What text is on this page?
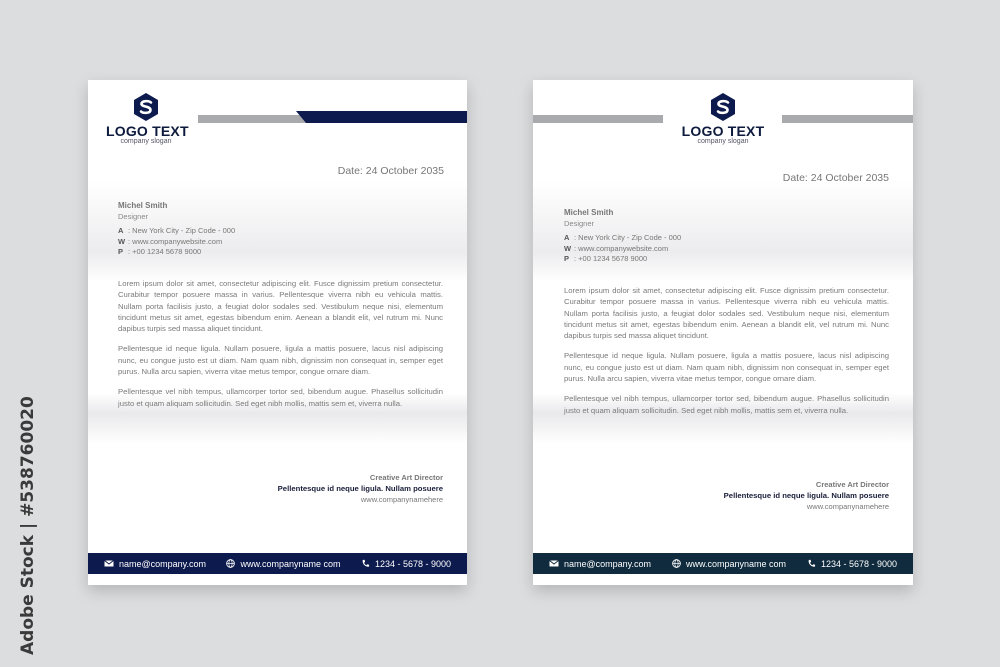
Adobe Stock | #538760020
LOGO TEXT
company slogan
Date: 24 October 2035
Michel Smith
Designer
A : New York City - Zip Code - 000
W : www.companywebsite.com
P : +00 1234 5678 9000

Lorem ipsum dolor sit amet, consectetur adipiscing elit. Fusce dignissim pretium consectetur. Curabitur tempor posuere massa in varius. Pellentesque viverra nibh eu vehicula mattis. Nullam porta facilisis justo, a feugiat dolor sodales sed. Vestibulum neque nisi, elementum tincidunt metus sit amet, egestas bibendum enim. Aenean a blandit elit, vel rutrum mi. Nunc dapibus turpis sed massa aliquet tincidunt.

Pellentesque id neque ligula. Nullam posuere, ligula a mattis posuere, lacus nisl adipiscing nunc, eu congue justo est ut diam. Nam quam nibh, dignissim non consequat in, semper eget purus. Nulla arcu sapien, viverra vitae metus tempor, congue ornare diam.

Pellentesque vel nibh tempus, ullamcorper tortor sed, bibendum augue. Phasellus sollicitudin justo et quam aliquam sollicitudin. Sed eget nibh mollis, mattis sem et, viverra nulla.

Creative Art Director
Pellentesque id neque ligula. Nullam posuere
www.companynamehere
name@company.com	www.companyname com	1234 - 5678 - 9000
LOGO TEXT
company slogan
Date: 24 October 2035
Michel Smith
Designer
A : New York City - Zip Code - 000
W : www.companywebsite.com
P : +00 1234 5678 9000

Lorem ipsum dolor sit amet, consectetur adipiscing elit. Fusce dignissim pretium consectetur. Curabitur tempor posuere massa in varius. Pellentesque viverra nibh eu vehicula mattis. Nullam porta facilisis justo, a feugiat dolor sodales sed. Vestibulum neque nisi, elementum tincidunt metus sit amet, egestas bibendum enim. Aenean a blandit elit, vel rutrum mi. Nunc dapibus turpis sed massa aliquet tincidunt.

Pellentesque id neque ligula. Nullam posuere, ligula a mattis posuere, lacus nisl adipiscing nunc, eu congue justo est ut diam. Nam quam nibh, dignissim non consequat in, semper eget purus. Nulla arcu sapien, viverra vitae metus tempor, congue ornare diam.

Pellentesque vel nibh tempus, ullamcorper tortor sed, bibendum augue. Phasellus sollicitudin justo et quam aliquam sollicitudin. Sed eget nibh mollis, mattis sem et, viverra nulla.

Creative Art Director
Pellentesque id neque ligula. Nullam posuere
www.companynamehere
name@company.com	www.companyname com	1234 - 5678 - 9000
